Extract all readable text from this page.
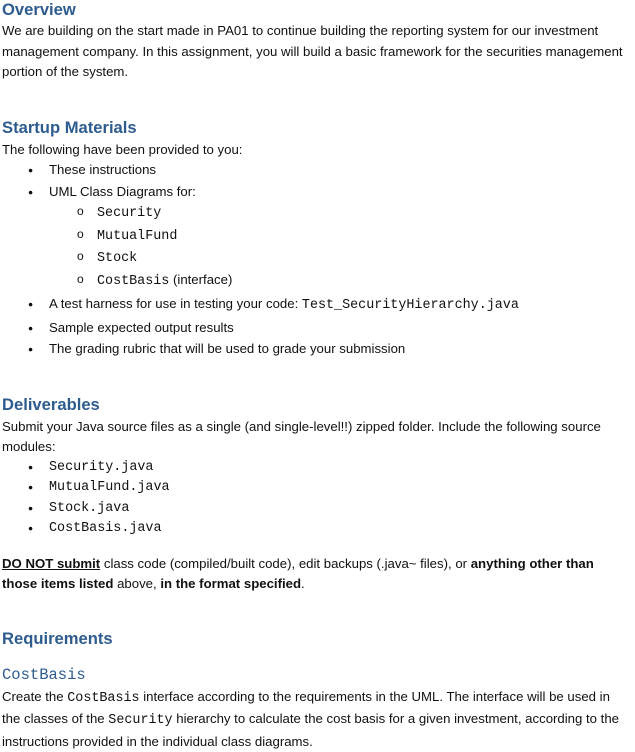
Overview

We are building on the start made in PA01 to continue building the reporting system for our investment management company. In this assignment, you will build a basic framework for the securities management portion of the system.

Startup Materials

The following have been provided to you:

● These instructions
● UML Class Diagrams for:
o Security
o MutualFund
o Stock
o CostBasis (interface)
● A test harness for use in testing your code: Test_SecurityHierarchy.java
● Sample expected output results
● The grading rubric that will be used to grade your submission
Deliverables

Submit your Java source files as a single (and single-level!!) zipped folder. Include the following source modules:

● Security.java
● MutualFund.java
● Stock.java
● CostBasis.java

DO NOT submit class code (compiled/built code), edit backups (.java~ files), or anything other than those items listed above, in the format specified.

Requirements
CostBasis

Create the CostBasis interface according to the requirements in the UML. The interface will be used in the classes of the Security hierarchy to calculate the cost basis for a given investment, according to the instructions provided in the individual class diagrams.
